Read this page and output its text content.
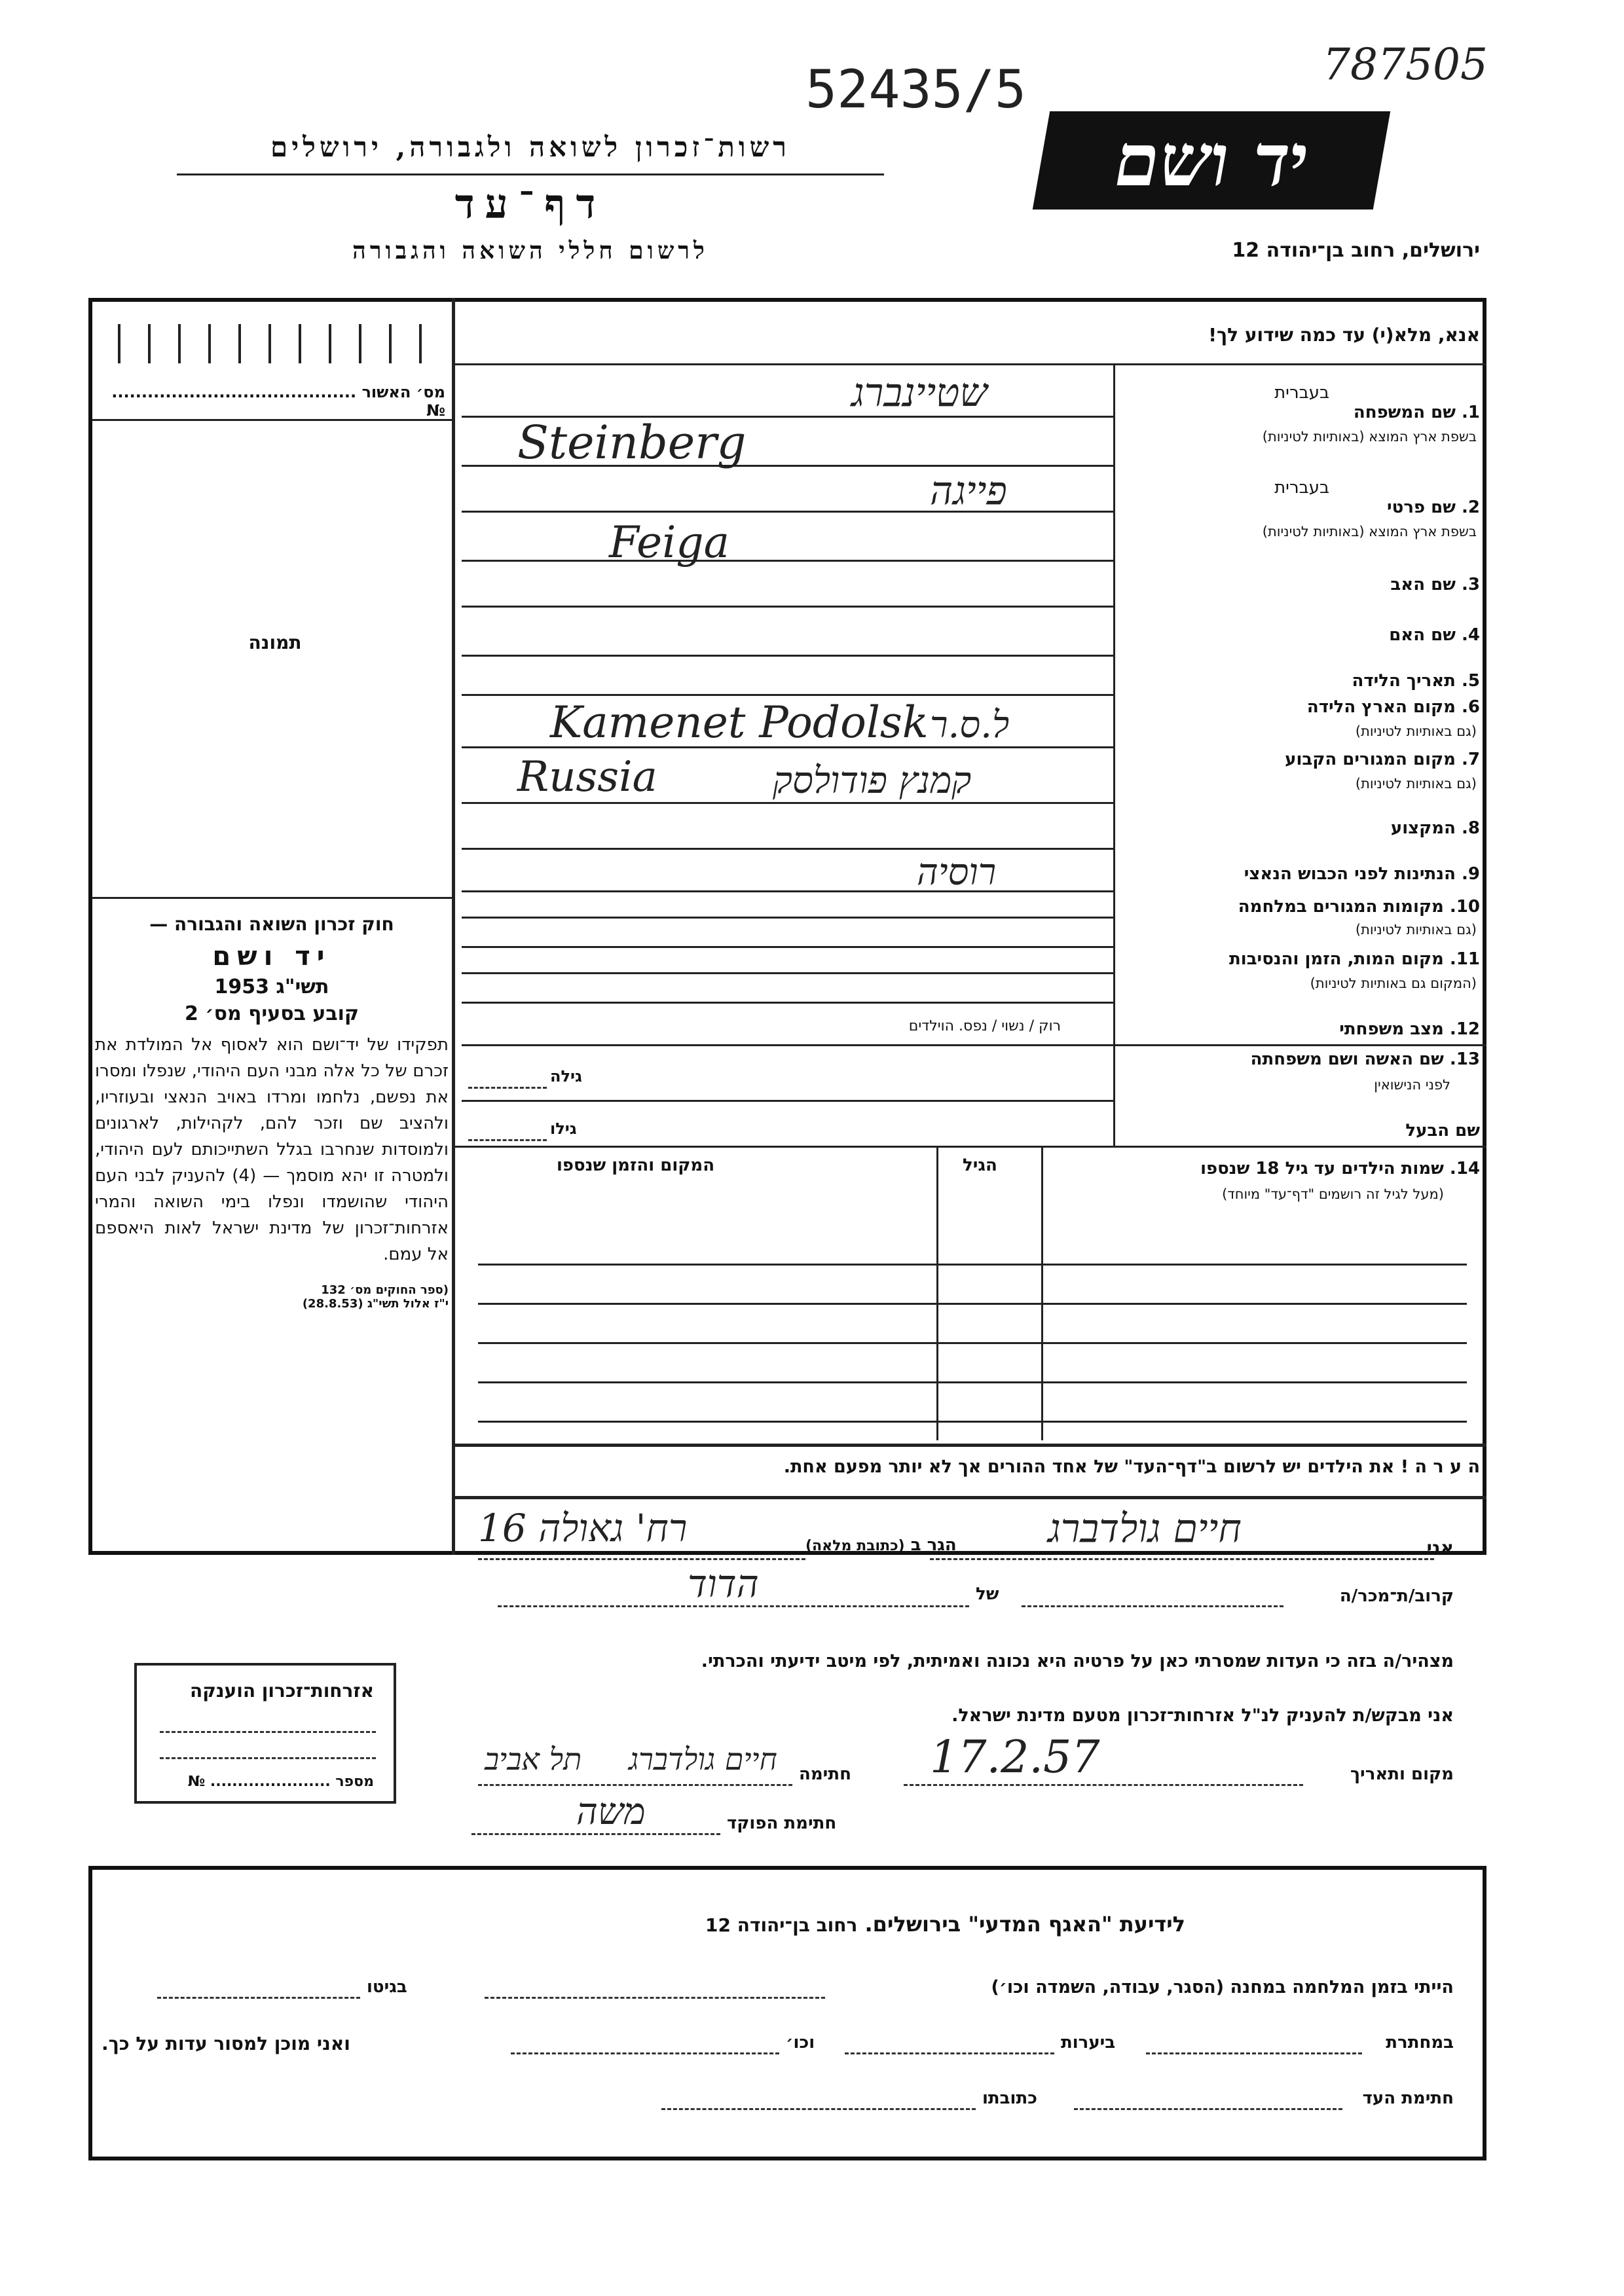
52435/5	787505
רשות־זכרון לשואה ולגבורה, ירושלים
דף־עד
לרשום חללי השואה והגבורה
יד ושם
ירושלים, רחוב בן־יהודה 12
מס׳ האשור ......................................... №
תמונה

חוק זכרון השואה והגבורה —

יד ושם

תשי"ג 1953

קובע בסעיף מס׳ 2

תפקידו של יד־ושם הוא לאסוף אל המולדת את זכרם של כל אלה מבני העם היהודי, שנפלו ומסרו את נפשם, נלחמו ומרדו באויב הנאצי ובעוזריו, ולהציב שם וזכר להם, לקהילות, לארגונים ולמוסדות שנחרבו בגלל השתייכותם לעם היהודי, ולמטרה זו יהא מוסמך — (4) להעניק לבני העם היהודי שהושמדו ונפלו בימי השואה והמרי אזרחות־זכרון של מדינת ישראל לאות היאספם אל עמם.

(ספר החוקים מס׳ 132

י"ז אלול תשי"ג (28.8.53)

אנא, מלא(י) עד כמה שידוע לך!
1. שם המשפחה
בעברית
בשפת ארץ המוצא (באותיות לטיניות)
שטיינברג
Steinberg
2. שם פרטי
בעברית
בשפת ארץ המוצא (באותיות לטיניות)
פייגה
Feiga
3. שם האב
4. שם האם
5. תאריך הלידה
6. מקום הארץ הלידה
(גם באותיות לטיניות)
Kamenet Podolsk ל.ס.ר
7. מקום המגורים הקבוע
(גם באותיות לטיניות)
Russia	קמנץ פודולסק
8. המקצוע
9. הנתינות לפני הכבוש הנאצי
רוסיה
10. מקומות המגורים במלחמה
(גם באותיות לטיניות)
11. מקום המות, הזמן והנסיבות
(המקום גם באותיות לטיניות)
12. מצב משפחתי
רוק / נשוי / נפס. הוילדים
13. שם האשה ושם משפחתה
לפני הנישואין
גילה
שם הבעל
גילו
14. שמות הילדים עד גיל 18 שנספו
(מעל לגיל זה רושמים "דף־עד" מיוחד)
הגיל
המקום והזמן שנספו
ה ע ר ה ! את הילדים יש לרשום ב"דף־העד" של אחד ההורים אך לא יותר מפעם אחת.
אני
חיים גולדברג
הגר ב (כתובת מלאה)
רח' גאולה 16
קרוב/ת־מכר/ה
של
הדוד
מצהיר/ה בזה כי העדות שמסרתי כאן על פרטיה היא נכונה ואמיתית, לפי מיטב ידיעתי והכרתי.
אני מבקש/ת להעניק לנ"ל אזרחות־זכרון מטעם מדינת ישראל.
מקום ותאריך
17.2.57
חתימה
תל אביב חיים גולדברג
חתימת הפוקד
משה
אזרחות־זכרון הוענקה
מספר ...................... №
לידיעת "האגף המדעי" בירושלים. רחוב בן־יהודה 12
הייתי בזמן המלחמה במחנה (הסגר, עבודה, השמדה וכו׳)
בגיטו
במחתרת
ביערות
וכו׳
ואני מוכן למסור עדות על כך.
חתימת העד
כתובתו
